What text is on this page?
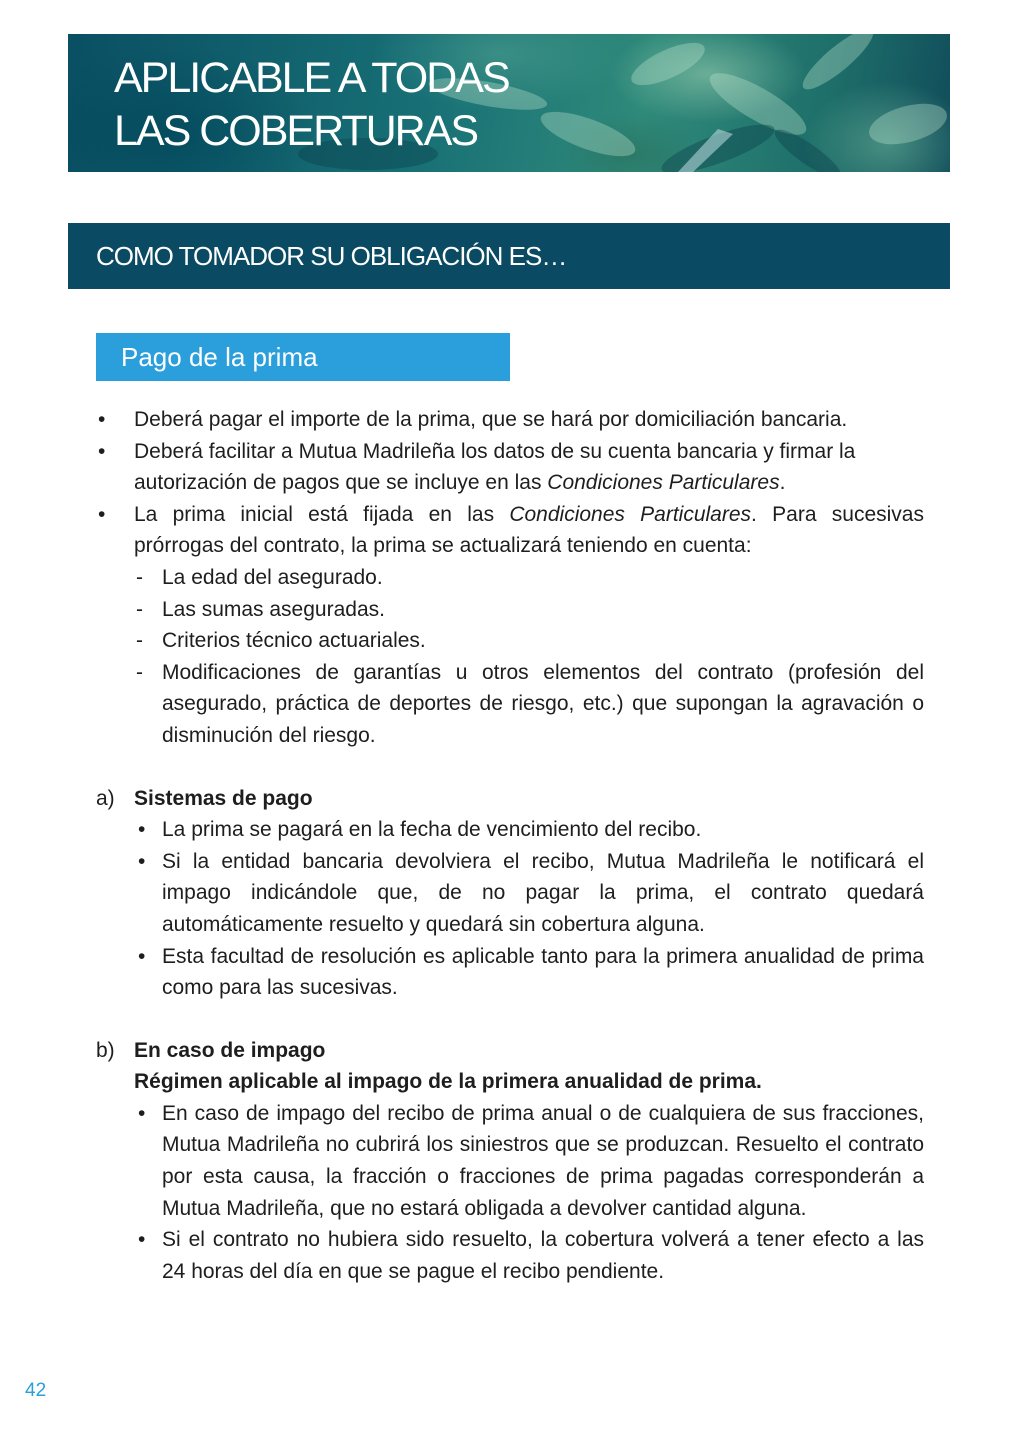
APLICABLE A TODAS
LAS COBERTURAS
COMO TOMADOR SU OBLIGACIÓN ES…
Pago de la prima
• Deberá pagar el importe de la prima, que se hará por domiciliación bancaria.
• Deberá facilitar a Mutua Madrileña los datos de su cuenta bancaria y firmar la autorización de pagos que se incluye en las Condiciones Particulares.
• La prima inicial está fijada en las Condiciones Particulares. Para sucesivas prórrogas del contrato, la prima se actualizará teniendo en cuenta:
- La edad del asegurado.
- Las sumas aseguradas.
- Criterios técnico actuariales.
- Modificaciones de garantías u otros elementos del contrato (profesión del asegurado, práctica de deportes de riesgo, etc.) que supongan la agravación o disminución del riesgo.
a) Sistemas de pago
• La prima se pagará en la fecha de vencimiento del recibo.
• Si la entidad bancaria devolviera el recibo, Mutua Madrileña le notificará el impago indicándole que, de no pagar la prima, el contrato quedará automáticamente resuelto y quedará sin cobertura alguna.
• Esta facultad de resolución es aplicable tanto para la primera anualidad de prima como para las sucesivas.
b) En caso de impago
Régimen aplicable al impago de la primera anualidad de prima.
• En caso de impago del recibo de prima anual o de cualquiera de sus fracciones, Mutua Madrileña no cubrirá los siniestros que se produzcan. Resuelto el contrato por esta causa, la fracción o fracciones de prima pagadas corresponderán a Mutua Madrileña, que no estará obligada a devolver cantidad alguna.
• Si el contrato no hubiera sido resuelto, la cobertura volverá a tener efecto a las 24 horas del día en que se pague el recibo pendiente.
42
